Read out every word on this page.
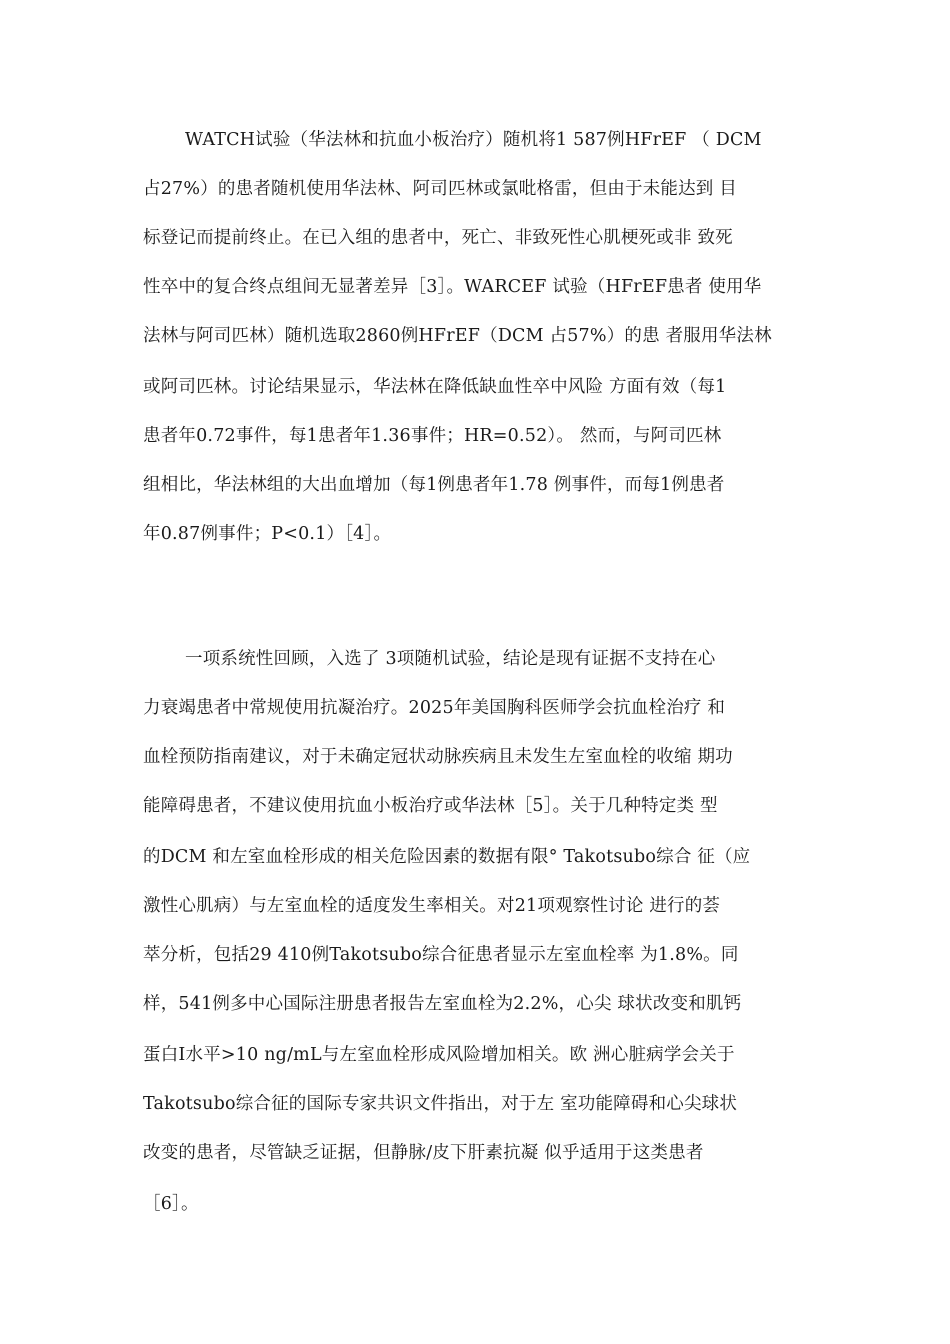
WATCH试验（华法林和抗血小板治疗）随机将1 587例HFrEF （ DCM
占27%）的患者随机使用华法林、阿司匹林或氯吡格雷，但由于未能达到 目
标登记而提前终止。在已入组的患者中，死亡、非致死性心肌梗死或非 致死
性卒中的复合终点组间无显著差异［3］。WARCEF 试验（HFrEF患者 使用华
法林与阿司匹林）随机选取2860例HFrEF（DCM 占57%）的患 者服用华法林
或阿司匹林。讨论结果显示，华法林在降低缺血性卒中风险 方面有效（每1
患者年0.72事件，每1患者年1.36事件；HR=0.52）。 然而，与阿司匹林
组相比，华法林组的大出血增加（每1例患者年1.78 例事件，而每1例患者
年0.87例事件；P<0.1）［4］。
一项系统性回顾，入选了 3项随机试验，结论是现有证据不支持在心
力衰竭患者中常规使用抗凝治疗。2025年美国胸科医师学会抗血栓治疗 和
血栓预防指南建议，对于未确定冠状动脉疾病且未发生左室血栓的收缩 期功
能障碍患者，不建议使用抗血小板治疗或华法林［5］。关于几种特定类 型
的DCM 和左室血栓形成的相关危险因素的数据有限° Takotsubo综合 征（应
激性心肌病）与左室血栓的适度发生率相关。对21项观察性讨论 进行的荟
萃分析，包括29 410例Takotsubo综合征患者显示左室血栓率 为1.8%。同
样，541例多中心国际注册患者报告左室血栓为2.2%，心尖 球状改变和肌钙
蛋白Ⅰ水平>10 ng/mL与左室血栓形成风险增加相关。欧 洲心脏病学会关于
Takotsubo综合征的国际专家共识文件指出，对于左 室功能障碍和心尖球状
改变的患者，尽管缺乏证据，但静脉/皮下肝素抗凝 似乎适用于这类患者
［6］。
